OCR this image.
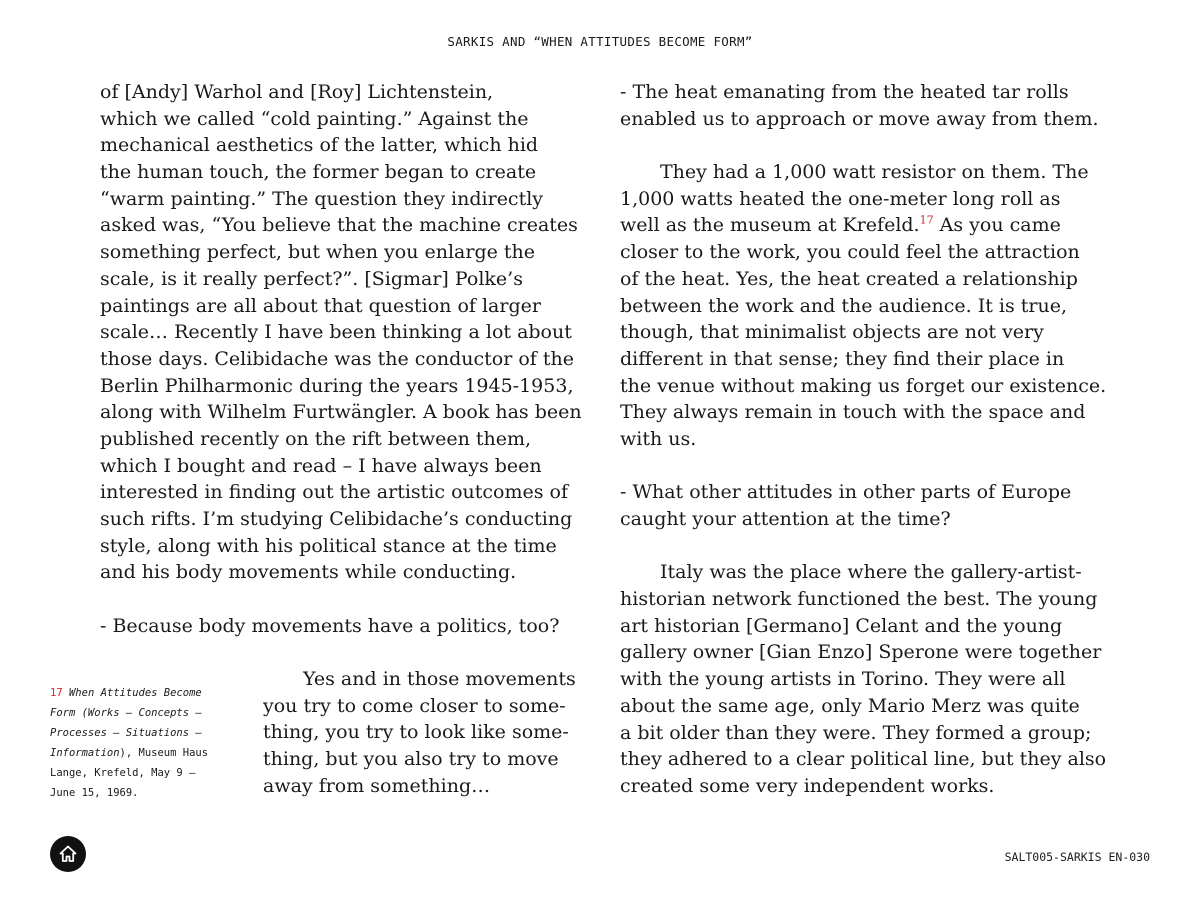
SARKIS AND “WHEN ATTITUDES BECOME FORM”
of [Andy] Warhol and [Roy] Lichtenstein,
which we called “cold painting.” Against the
mechanical aesthetics of the latter, which hid
the human touch, the former began to create
“warm painting.” The question they indirectly
asked was, “You believe that the machine creates
something perfect, but when you enlarge the
scale, is it really perfect?”. [Sigmar] Polke’s
paintings are all about that question of larger
scale… Recently I have been thinking a lot about
those days. Celibidache was the conductor of the
Berlin Philharmonic during the years 1945-1953,
along with Wilhelm Furtwängler. A book has been
published recently on the rift between them,
which I bought and read – I have always been
interested in finding out the artistic outcomes of
such rifts. I’m studying Celibidache’s conducting
style, along with his political stance at the time
and his body movements while conducting.
- Because body movements have a politics, too?
Yes and in those movements
you try to come closer to some-
thing, you try to look like some-
thing, but you also try to move
away from something…
17 When Attitudes Become
Form (Works – Concepts –
Processes – Situations –
Information), Museum Haus
Lange, Krefeld, May 9 –
June 15, 1969.
- The heat emanating from the heated tar rolls
enabled us to approach or move away from them.
They had a 1,000 watt resistor on them. The
1,000 watts heated the one-meter long roll as
well as the museum at Krefeld.$^{17}$ As you came
closer to the work, you could feel the attraction
of the heat. Yes, the heat created a relationship
between the work and the audience. It is true,
though, that minimalist objects are not very
different in that sense; they find their place in
the venue without making us forget our existence.
They always remain in touch with the space and
with us.
- What other attitudes in other parts of Europe
caught your attention at the time?
Italy was the place where the gallery-artist-
historian network functioned the best. The young
art historian [Germano] Celant and the young
gallery owner [Gian Enzo] Sperone were together
with the young artists in Torino. They were all
about the same age, only Mario Merz was quite
a bit older than they were. They formed a group;
they adhered to a clear political line, but they also
created some very independent works.
SALT005-SARKIS EN-030
